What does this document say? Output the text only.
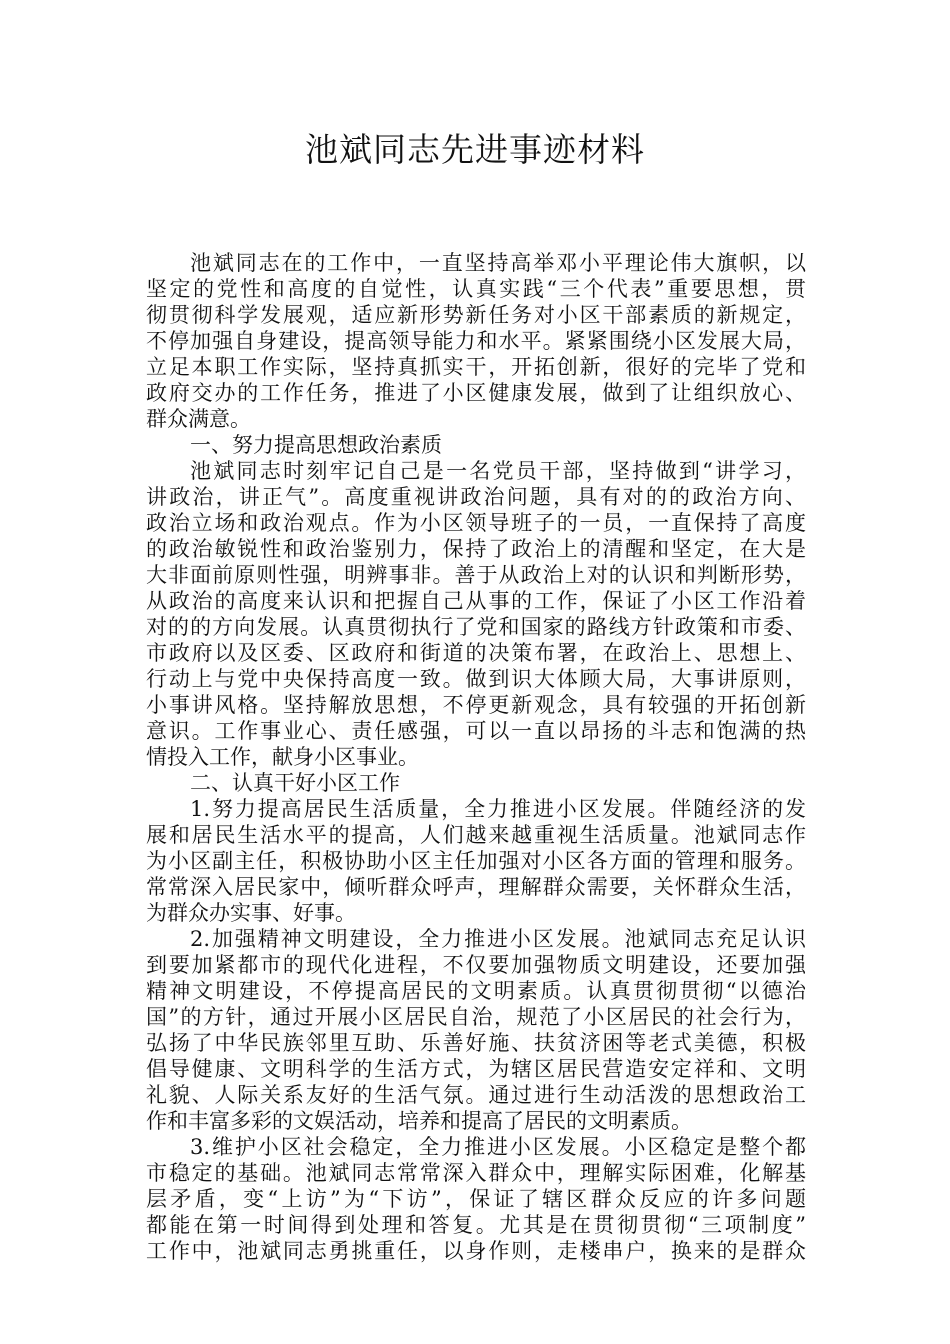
池斌同志先进事迹材料
池斌同志在的工作中，一直坚持高举邓小平理论伟大旗帜，以
坚定的党性和高度的自觉性，认真实践“三个代表”重要思想，贯
彻贯彻科学发展观，适应新形势新任务对小区干部素质的新规定，
不停加强自身建设，提高领导能力和水平。紧紧围绕小区发展大局，
立足本职工作实际，坚持真抓实干，开拓创新，很好的完毕了党和
政府交办的工作任务，推进了小区健康发展，做到了让组织放心、
群众满意。
一、努力提高思想政治素质
池斌同志时刻牢记自己是一名党员干部，坚持做到“讲学习，
讲政治，讲正气”。高度重视讲政治问题，具有对的的政治方向、
政治立场和政治观点。作为小区领导班子的一员，一直保持了高度
的政治敏锐性和政治鉴别力，保持了政治上的清醒和坚定，在大是
大非面前原则性强，明辨事非。善于从政治上对的认识和判断形势，
从政治的高度来认识和把握自己从事的工作，保证了小区工作沿着
对的的方向发展。认真贯彻执行了党和国家的路线方针政策和市委、
市政府以及区委、区政府和街道的决策布署，在政治上、思想上、
行动上与党中央保持高度一致。做到识大体顾大局，大事讲原则，
小事讲风格。坚持解放思想，不停更新观念，具有较强的开拓创新
意识。工作事业心、责任感强，可以一直以昂扬的斗志和饱满的热
情投入工作，献身小区事业。
二、认真干好小区工作
1.努力提高居民生活质量，全力推进小区发展。伴随经济的发
展和居民生活水平的提高，人们越来越重视生活质量。池斌同志作
为小区副主任，积极协助小区主任加强对小区各方面的管理和服务。
常常深入居民家中，倾听群众呼声，理解群众需要，关怀群众生活，
为群众办实事、好事。
2.加强精神文明建设，全力推进小区发展。池斌同志充足认识
到要加紧都市的现代化进程，不仅要加强物质文明建设，还要加强
精神文明建设，不停提高居民的文明素质。认真贯彻贯彻“以德治
国”的方针，通过开展小区居民自治，规范了小区居民的社会行为，
弘扬了中华民族邻里互助、乐善好施、扶贫济困等老式美德，积极
倡导健康、文明科学的生活方式，为辖区居民营造安定祥和、文明
礼貌、人际关系友好的生活气氛。通过进行生动活泼的思想政治工
作和丰富多彩的文娱活动，培养和提高了居民的文明素质。
3.维护小区社会稳定，全力推进小区发展。小区稳定是整个都
市稳定的基础。池斌同志常常深入群众中，理解实际困难，化解基
层矛盾，变“上访”为“下访”，保证了辖区群众反应的许多问题
都能在第一时间得到处理和答复。尤其是在贯彻贯彻“三项制度”
工作中，池斌同志勇挑重任，以身作则，走楼串户，换来的是群众
